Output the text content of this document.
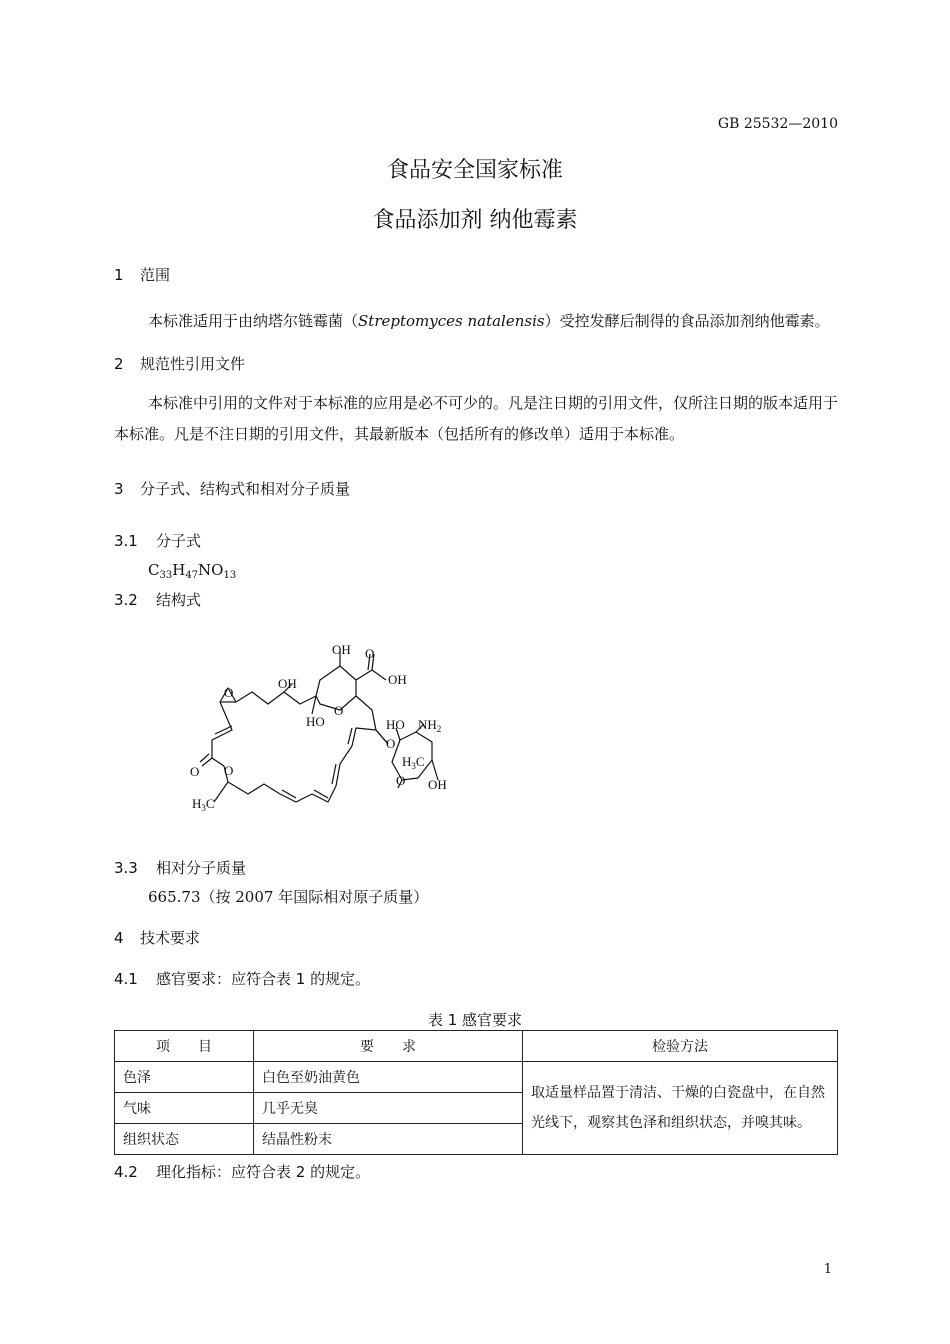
GB 25532—2010
食品安全国家标准
食品添加剂 纳他霉素
1 范围
本标准适用于由纳塔尔链霉菌（Streptomyces natalensis）受控发酵后制得的食品添加剂纳他霉素。
2 规范性引用文件
本标准中引用的文件对于本标准的应用是必不可少的。凡是注日期的引用文件，仅所注日期的版本适用于本标准。凡是不注日期的引用文件，其最新版本（包括所有的修改单）适用于本标准。
3 分子式、结构式和相对分子质量
3.1 分子式
$C_{33}H_{47}NO_{13}$
3.2 结构式
O
OH
OH
OH
O
HO
O
O O
$H_3C$
O
HO $NH_2$
$H_3C$
O OH
3.3 相对分子质量
665.73（按 2007 年国际相对原子质量）
4 技术要求
4.1 感官要求：应符合表 1 的规定。
表 1 感官要求
项　　目	要　　求	检验方法
色泽	白色至奶油黄色	取适量样品置于清洁、干燥的白瓷盘中，在自然光线下，观察其色泽和组织状态，并嗅其味。
气味	几乎无臭	
组织状态	结晶性粉末	
4.2 理化指标：应符合表 2 的规定。
1
